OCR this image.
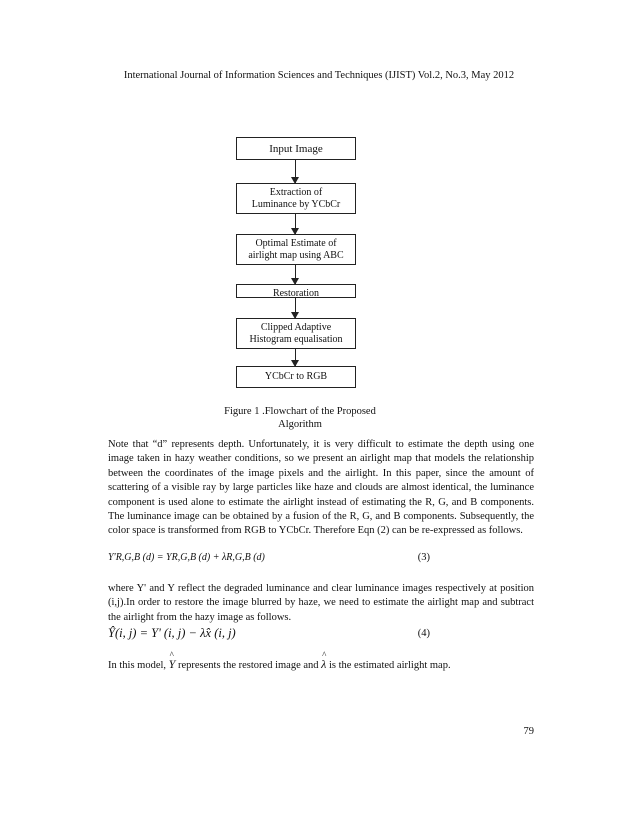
International Journal of Information Sciences and Techniques (IJIST) Vol.2, No.3, May 2012
Input Image
Extraction of Luminance by YCbCr
Optimal Estimate of airlight map using ABC
Restoration
Clipped Adaptive Histogram equalisation
YCbCr to RGB
Figure 1 .Flowchart of the Proposed
Algorithm
Note that “d” represents depth. Unfortunately, it is very difficult to estimate the depth using one image taken in hazy weather conditions, so we present an airlight map that models the relationship between the coordinates of the image pixels and the airlight. In this paper, since the amount of scattering of a visible ray by large particles like haze and clouds are almost identical, the luminance component is used alone to estimate the airlight instead of estimating the R, G, and B components. The luminance image can be obtained by a fusion of the R, G, and B components. Subsequently, the color space is transformed from RGB to YCbCr. Therefore Eqn (2) can be re-expressed as follows.
Y'R,G,B (d) = YR,G,B (d) + λR,G,B (d)	(3)
where Y' and Y reflect the degraded luminance and clear luminance images respectively at position (i,j).In order to restore the image blurred by haze, we need to estimate the airlight map and subtract the airlight from the hazy image as follows.
Ŷ(i, j) = Y' (i, j) − λ̂x (i, j)	(4)
In this model, ^ Y represents the restored image and ^ λ is the estimated airlight map.
79
